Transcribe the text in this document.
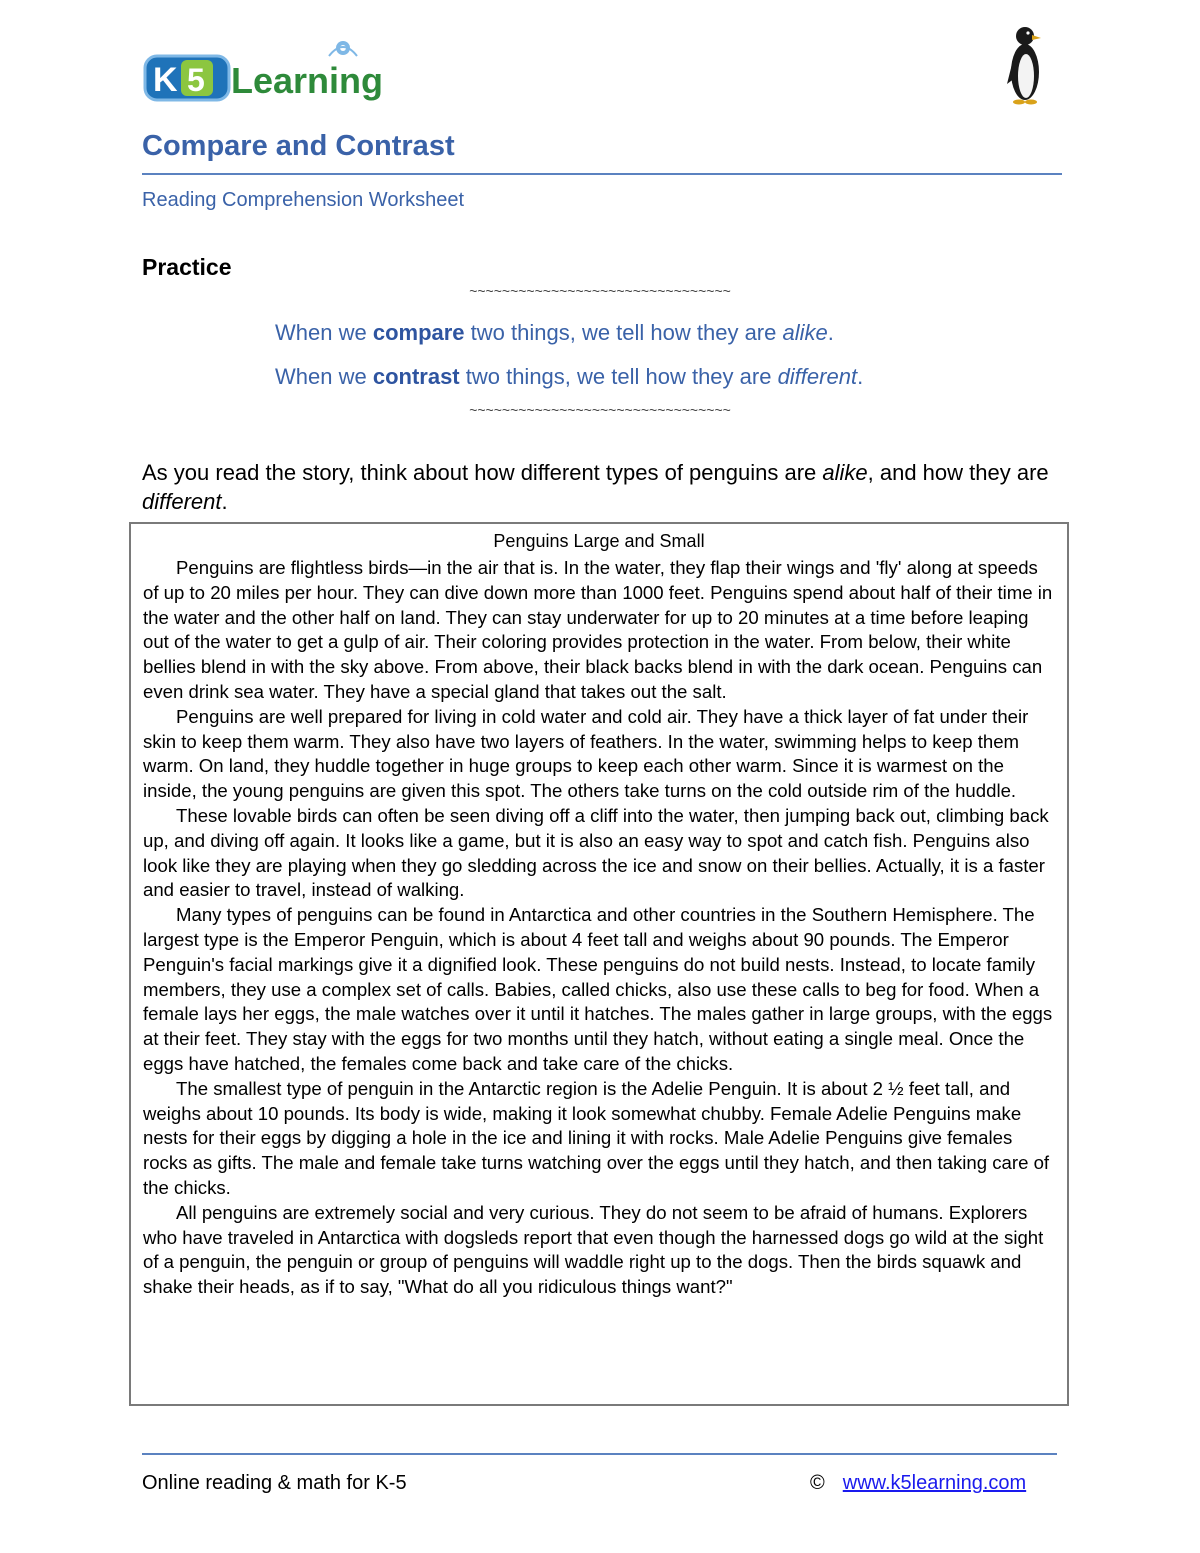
K 5 Learning
Compare and Contrast
Reading Comprehension Worksheet
Practice
~~~~~~~~~~~~~~~~~~~~~~~~~~~~~~~~
When we compare two things, we tell how they are alike.
When we contrast two things, we tell how they are different.
~~~~~~~~~~~~~~~~~~~~~~~~~~~~~~~~
As you read the story, think about how different types of penguins are alike, and how they are different.
Penguins Large and Small

Penguins are flightless birds—in the air that is. In the water, they flap their wings and 'fly' along at speeds of up to 20 miles per hour. They can dive down more than 1000 feet. Penguins spend about half of their time in the water and the other half on land. They can stay underwater for up to 20 minutes at a time before leaping out of the water to get a gulp of air. Their coloring provides protection in the water. From below, their white bellies blend in with the sky above. From above, their black backs blend in with the dark ocean. Penguins can even drink sea water. They have a special gland that takes out the salt.

Penguins are well prepared for living in cold water and cold air. They have a thick layer of fat under their skin to keep them warm. They also have two layers of feathers. In the water, swimming helps to keep them warm. On land, they huddle together in huge groups to keep each other warm. Since it is warmest on the inside, the young penguins are given this spot. The others take turns on the cold outside rim of the huddle.

These lovable birds can often be seen diving off a cliff into the water, then jumping back out, climbing back up, and diving off again. It looks like a game, but it is also an easy way to spot and catch fish. Penguins also look like they are playing when they go sledding across the ice and snow on their bellies. Actually, it is a faster and easier to travel, instead of walking.

Many types of penguins can be found in Antarctica and other countries in the Southern Hemisphere. The largest type is the Emperor Penguin, which is about 4 feet tall and weighs about 90 pounds. The Emperor Penguin's facial markings give it a dignified look. These penguins do not build nests. Instead, to locate family members, they use a complex set of calls. Babies, called chicks, also use these calls to beg for food. When a female lays her eggs, the male watches over it until it hatches. The males gather in large groups, with the eggs at their feet. They stay with the eggs for two months until they hatch, without eating a single meal. Once the eggs have hatched, the females come back and take care of the chicks.

The smallest type of penguin in the Antarctic region is the Adelie Penguin. It is about 2 ½ feet tall, and weighs about 10 pounds. Its body is wide, making it look somewhat chubby. Female Adelie Penguins make nests for their eggs by digging a hole in the ice and lining it with rocks. Male Adelie Penguins give females rocks as gifts. The male and female take turns watching over the eggs until they hatch, and then taking care of the chicks.

All penguins are extremely social and very curious. They do not seem to be afraid of humans. Explorers who have traveled in Antarctica with dogsleds report that even though the harnessed dogs go wild at the sight of a penguin, the penguin or group of penguins will waddle right up to the dogs. Then the birds squawk and shake their heads, as if to say, "What do all you ridiculous things want?"

Online reading & math for K-5	© www.k5learning.com
